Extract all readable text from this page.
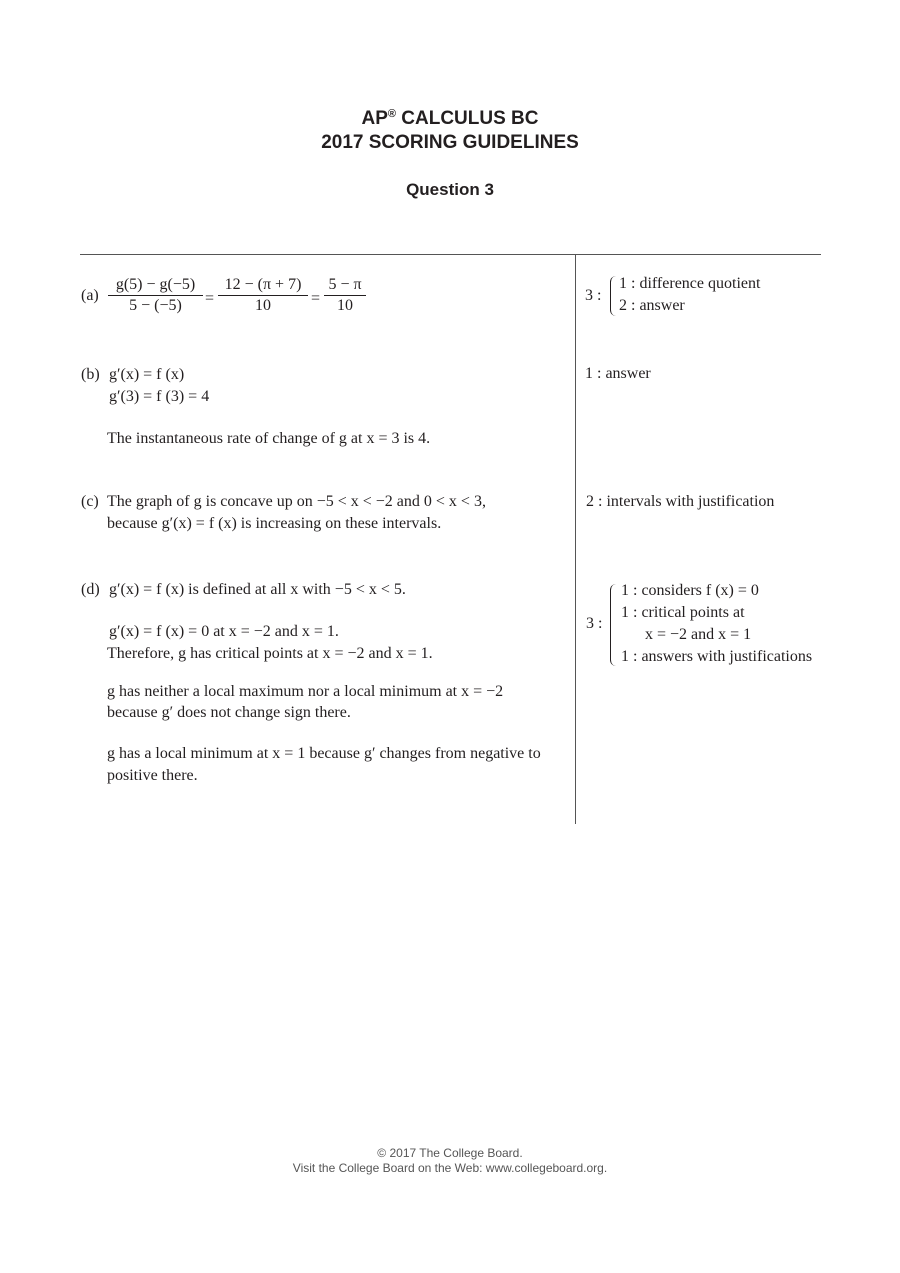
AP® CALCULUS BC
2017 SCORING GUIDELINES
Question 3
$(a) \frac{g(5) - g(-5)}{5 - (-5)} = \frac{12 - (\pi + 7)}{10} = \frac{5 - \pi}{10}$	3 :
1 : difference quotient
2 : answer
(b) g′(x) = f (x)
g′(3) = f (3) = 4
The instantaneous rate of change of g at x = 3 is 4.
1 : answer
(c) The graph of g is concave up on −5 < x < −2 and 0 < x < 3,
because g′(x) = f (x) is increasing on these intervals.
2 : intervals with justification
(d) g′(x) = f (x) is defined at all x with −5 < x < 5.
g′(x) = f (x) = 0 at x = −2 and x = 1.
Therefore, g has critical points at x = −2 and x = 1.
g has neither a local maximum nor a local minimum at x = −2
because g′ does not change sign there.
g has a local minimum at x = 1 because g′ changes from negative to
positive there.
3 :
1 : considers f (x) = 0
1 : critical points at
x = −2 and x = 1
1 : answers with justifications
© 2017 The College Board.
Visit the College Board on the Web: www.collegeboard.org.
